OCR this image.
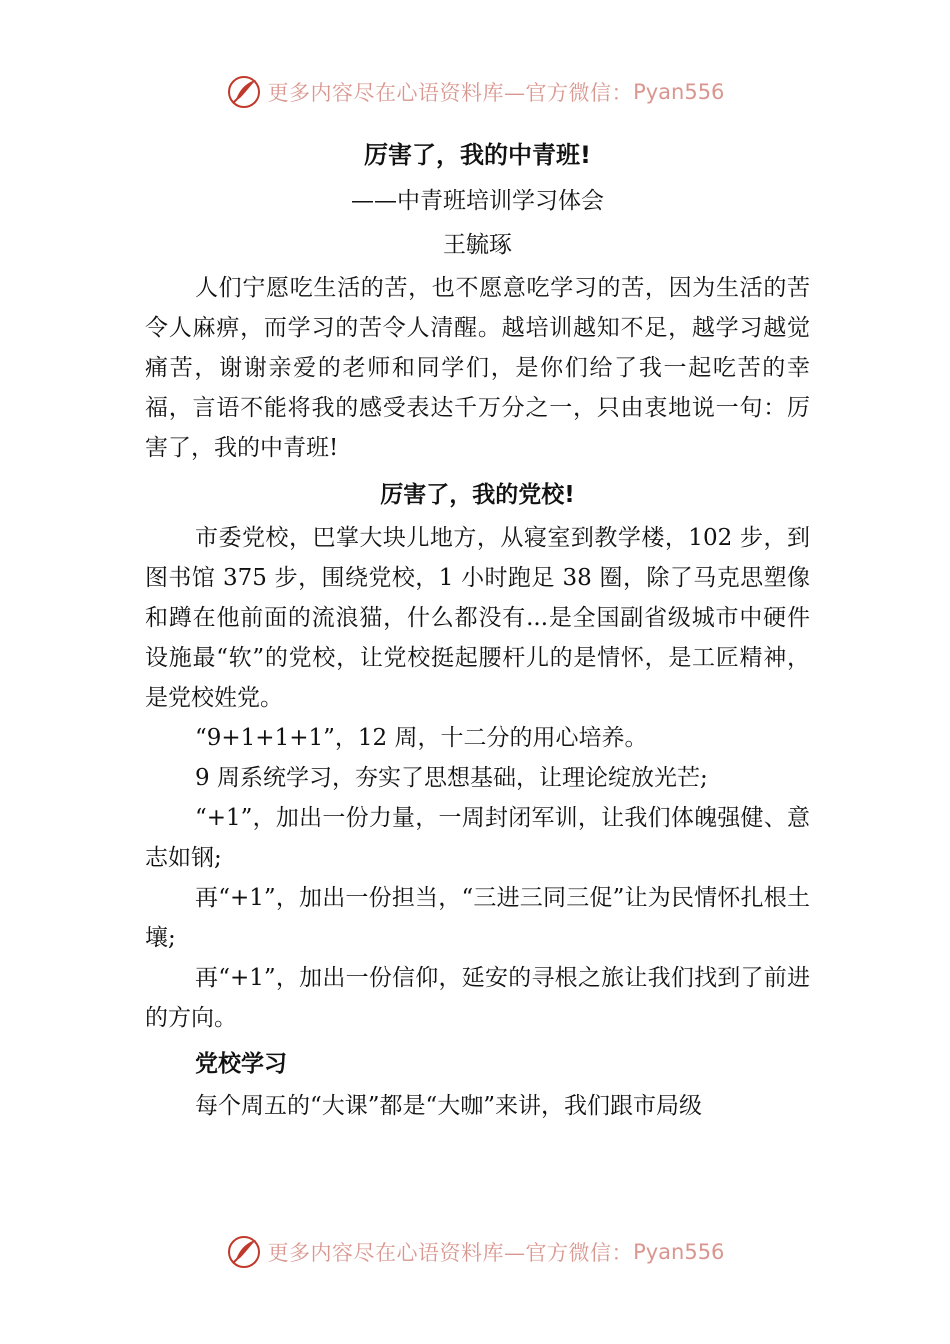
更多内容尽在心语资料库—官方微信： Pyan556
厉害了，我的中青班!
——中青班培训学习体会
王毓琢

人们宁愿吃生活的苦，也不愿意吃学习的苦，因为生活的苦令人麻痹，而学习的苦令人清醒。越培训越知不足，越学习越觉痛苦，谢谢亲爱的老师和同学们，是你们给了我一起吃苦的幸福，言语不能将我的感受表达千万分之一，只由衷地说一句：厉害了，我的中青班!

厉害了，我的党校!

市委党校，巴掌大块儿地方，从寝室到教学楼，102 步，到图书馆 375 步，围绕党校，1 小时跑足 38 圈，除了马克思塑像和蹲在他前面的流浪猫，什么都没有...是全国副省级城市中硬件设施最“软”的党校，让党校挺起腰杆儿的是情怀，是工匠精神，是党校姓党。

“9+1+1+1”，12 周，十二分的用心培养。

9 周系统学习，夯实了思想基础，让理论绽放光芒;

“+1”，加出一份力量，一周封闭军训，让我们体魄强健、意志如钢;

再“+1”，加出一份担当，“三进三同三促”让为民情怀扎根土壤;

再“+1”，加出一份信仰，延安的寻根之旅让我们找到了前进的方向。

党校学习

每个周五的“大课”都是“大咖”来讲，我们跟市局级

更多内容尽在心语资料库—官方微信： Pyan556
